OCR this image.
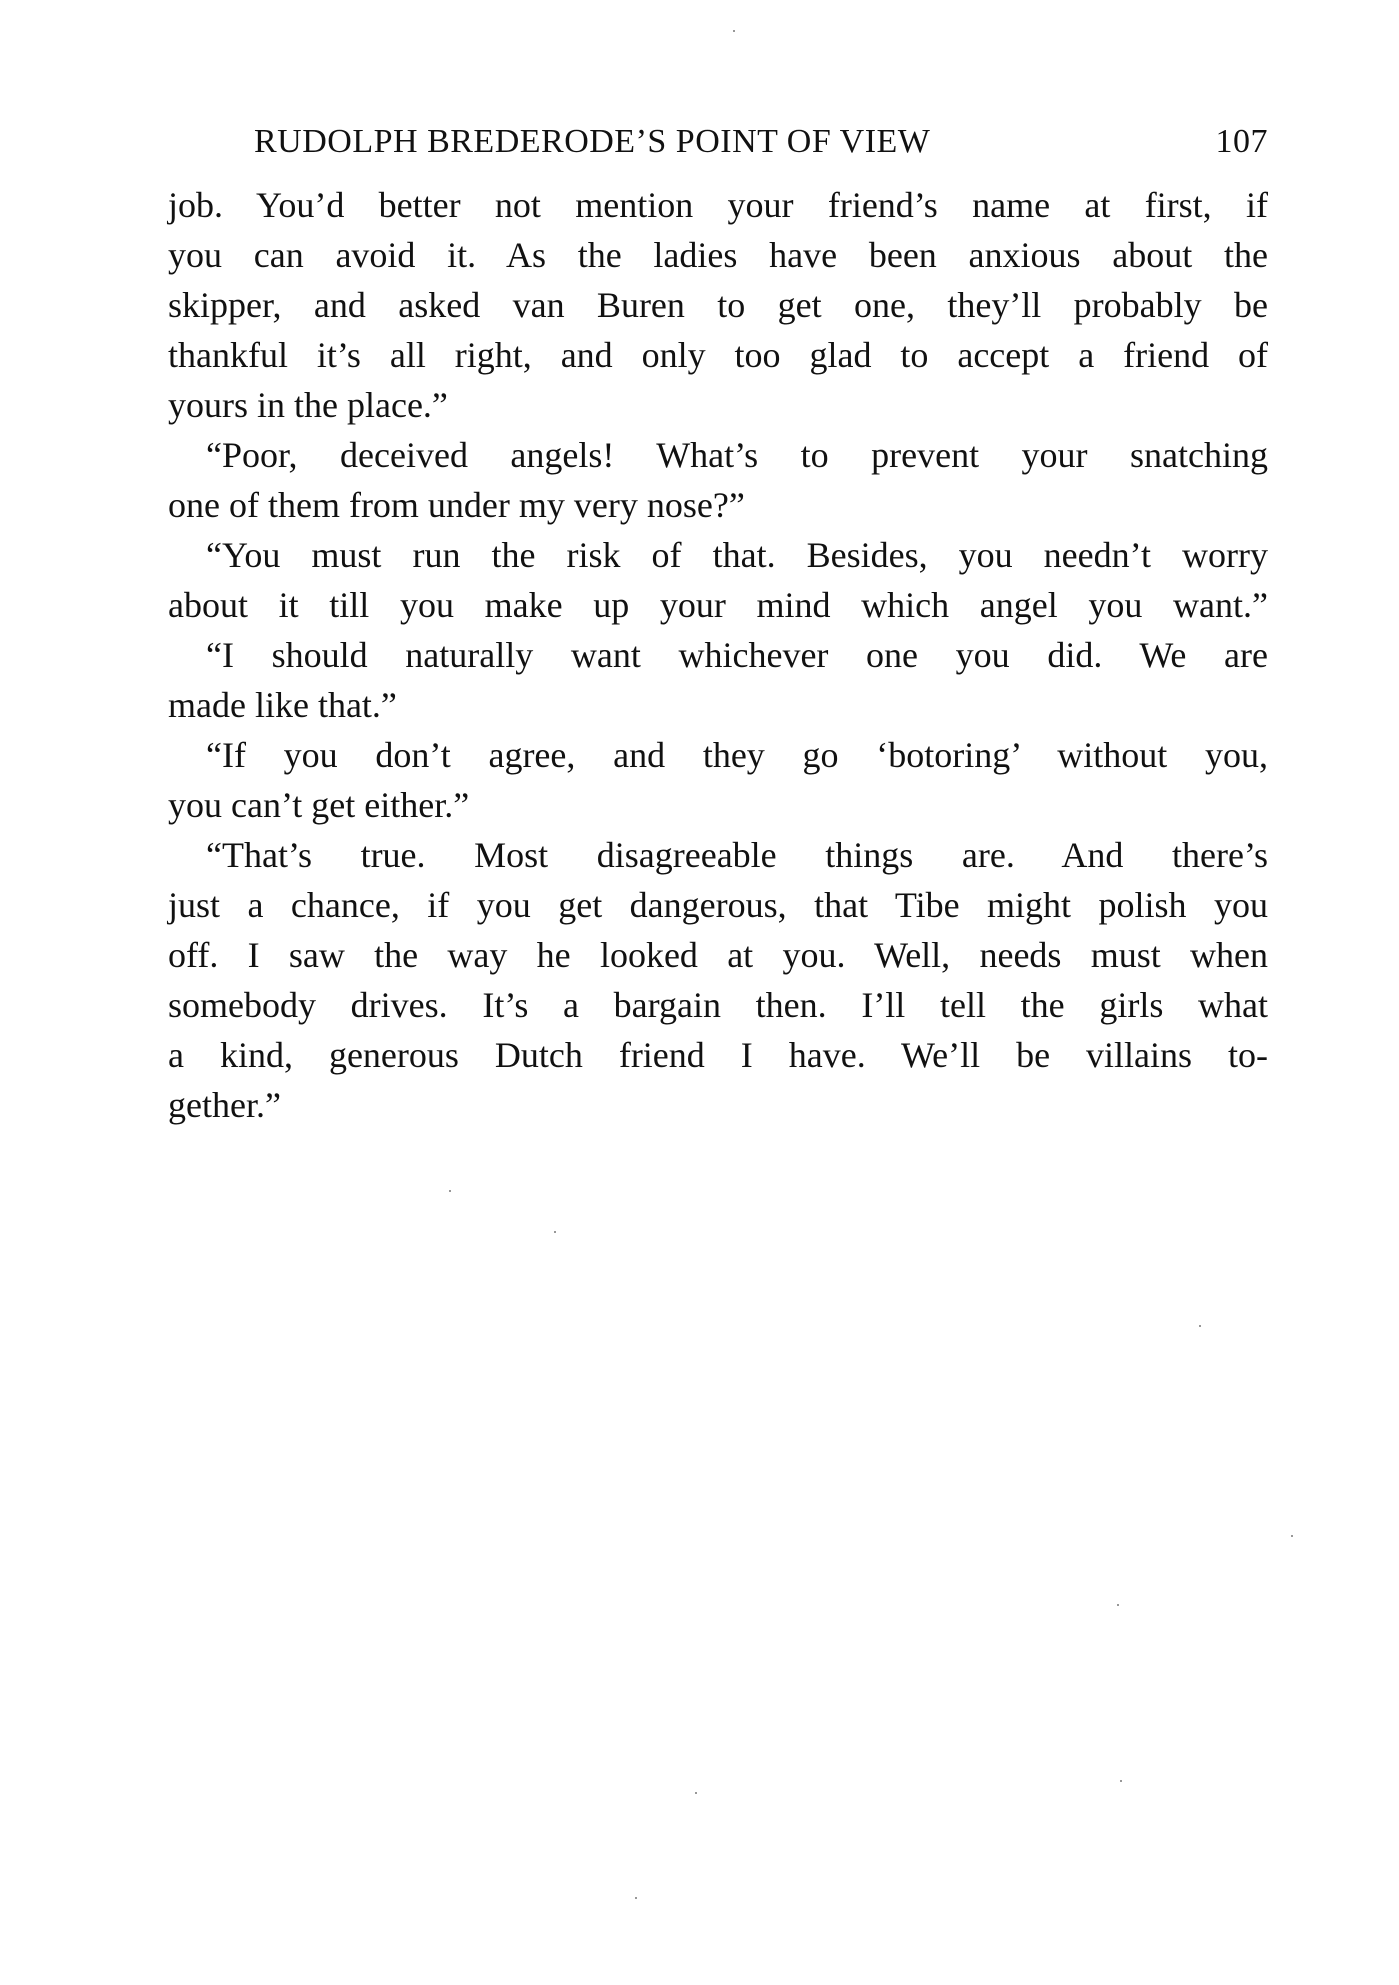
RUDOLPH BREDERODE’S POINT OF VIEW	107
job. You’d better not mention your friend’s name at first, if
you can avoid it. As the ladies have been anxious about the
skipper, and asked van Buren to get one, they’ll probably be
thankful it’s all right, and only too glad to accept a friend of
yours in the place.”
“Poor, deceived angels! What’s to prevent your snatching
one of them from under my very nose?”
“You must run the risk of that. Besides, you needn’t worry
about it till you make up your mind which angel you want.”
“I should naturally want whichever one you did. We are
made like that.”
“If you don’t agree, and they go ‘botoring’ without you,
you can’t get either.”
“That’s true. Most disagreeable things are. And there’s
just a chance, if you get dangerous, that Tibe might polish you
off. I saw the way he looked at you. Well, needs must when
somebody drives. It’s a bargain then. I’ll tell the girls what
a kind, generous Dutch friend I have. We’ll be villains to-
gether.”
